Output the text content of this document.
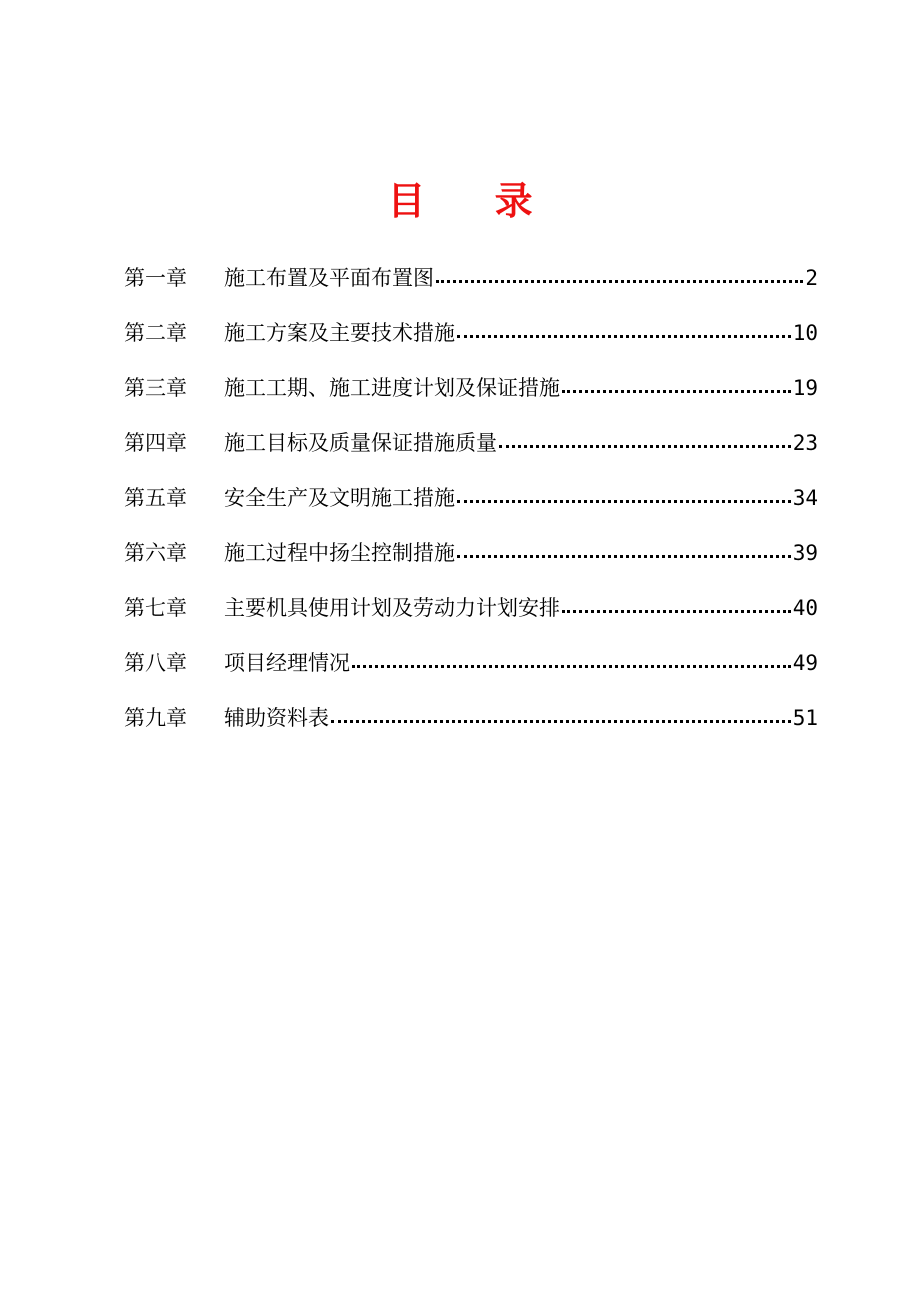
目 录
第一章	施工布置及平面布置图	2
第二章	施工方案及主要技术措施	10
第三章	施工工期、施工进度计划及保证措施	19
第四章	施工目标及质量保证措施质量	23
第五章	安全生产及文明施工措施	34
第六章	施工过程中扬尘控制措施	39
第七章	主要机具使用计划及劳动力计划安排	40
第八章	项目经理情况	49
第九章	辅助资料表	51
